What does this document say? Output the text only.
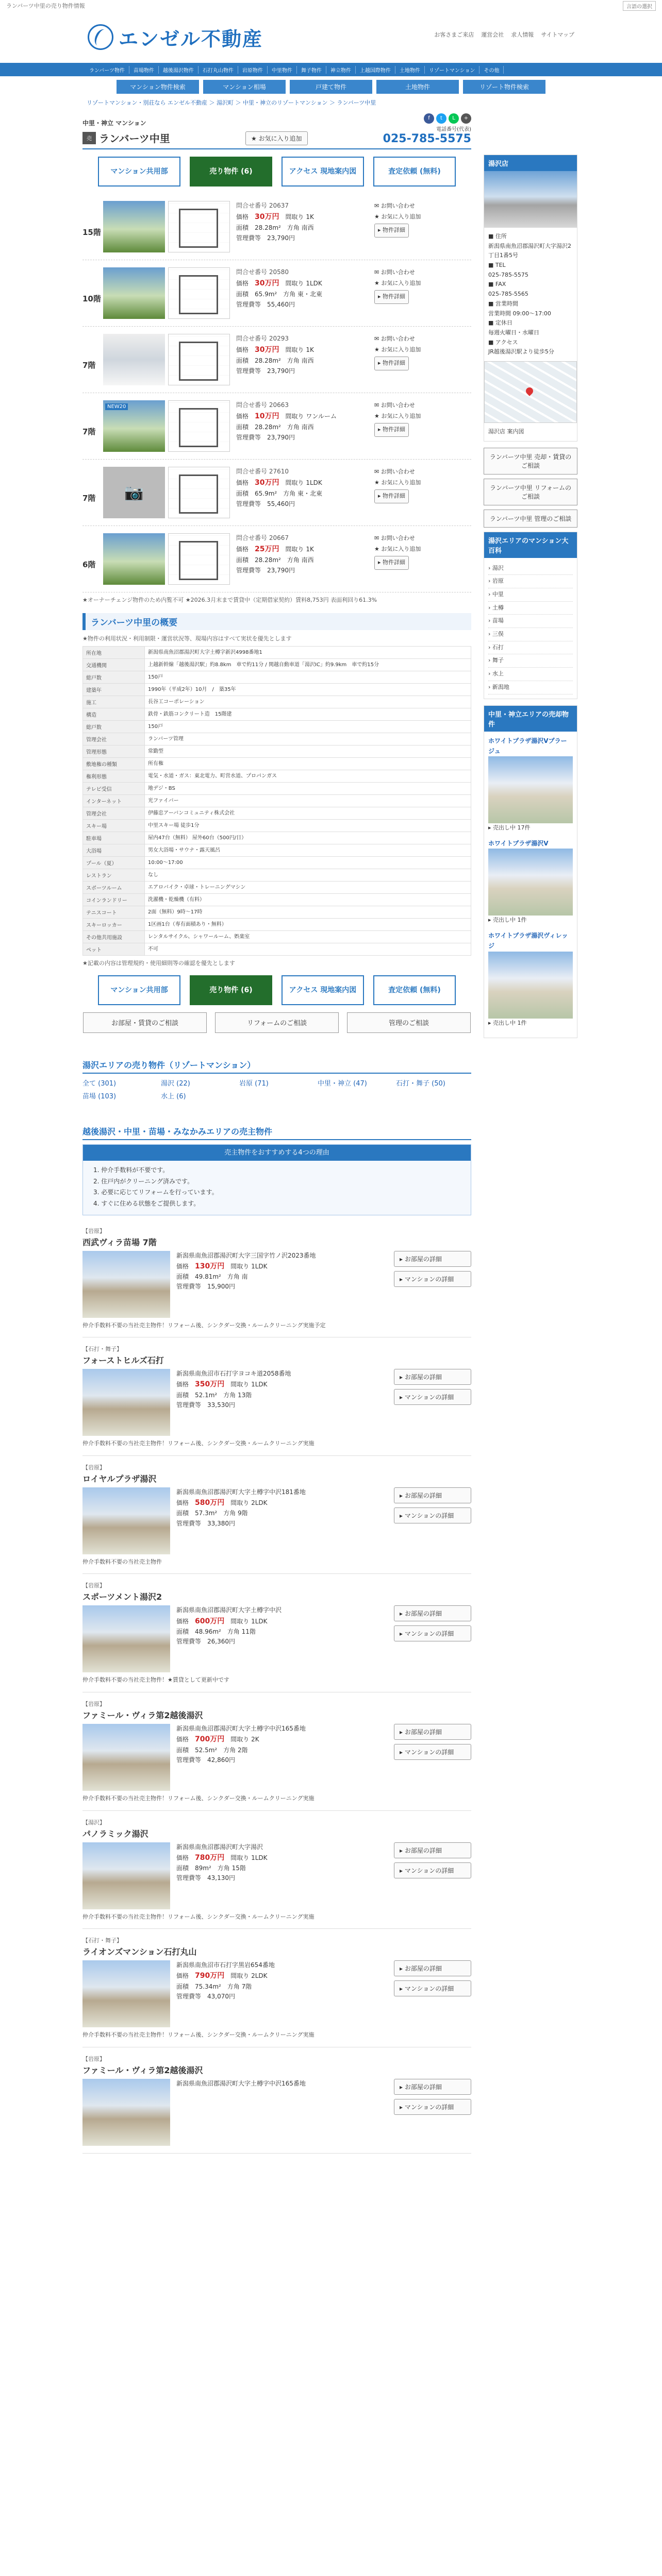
ランバーツ中里の売り物件情報	言語の選択
エンゼル不動産	お客さまご来店 運営会社 求人情報 サイトマップ
ランバーツ物件	苗場物件	越後湯沢物件	石打丸山物件	岩原物件	中里物件	舞子物件	神立物件	上越国際物件	土地物件	リゾートマンション	その他
マンション物件検索	マンション相場	戸建て物件	土地物件	リゾート物件検索
リゾートマンション・別荘なら エンゼル不動産 ＞ 湯沢町 ＞ 中里・神立のリゾートマンション ＞ ランバーツ中里
中里・神立 マンション
売 ランバーツ中里	★ お気に入り追加
f	t	L	+
電話番号(代表)
025-785-5575
マンション共用部	売り物件 (6)	アクセス 現地案内図	査定依頼 (無料)
15階
問合せ番号 20637
価格　30万円　間取り 1K
面積　28.28m²　方角 南西
管理費等　23,790円
✉ お問い合わせ
★ お気に入り追加
▸ 物件詳細
10階
問合せ番号 20580
価格　30万円　間取り 1LDK
面積　65.9m²　方角 東・北東
管理費等　55,460円
✉ お問い合わせ
★ お気に入り追加
▸ 物件詳細
7階
問合せ番号 20293
価格　30万円　間取り 1K
面積　28.28m²　方角 南西
管理費等　23,790円
✉ お問い合わせ
★ お気に入り追加
▸ 物件詳細
7階
$_{NEW20}$	問合せ番号 20663
価格　10万円　間取り ワンルーム
面積　28.28m²　方角 南西
管理費等　23,790円
✉ お問い合わせ
★ お気に入り追加
▸ 物件詳細
7階	📷
問合せ番号 27610
価格　30万円　間取り 1LDK
面積　65.9m²　方角 東・北東
管理費等　55,460円
✉ お問い合わせ
★ お気に入り追加
▸ 物件詳細
6階
問合せ番号 20667
価格　25万円　間取り 1K
面積　28.28m²　方角 南西
管理費等　23,790円
✉ お問い合わせ
★ お気に入り追加
▸ 物件詳細
★オーナーチェンジ物件のため内覧不可 ★2026.3月末まで賃貸中（定期借家契約）賃料8,753円 表面利回り61.3%
ランバーツ中里の概要
★物件の利用状況・利用制限・運営状況等、現場内容はすべて実状を優先とします
所在地	新潟県南魚沼郡湯沢町大字土樽字新沢4998番地1
交通機関	上越新幹線「越後湯沢駅」約8.8km　車で約11分 / 関越自動車道「湯沢IC」約9.9km　車で約15分
総戸数	150戸
建築年	1990年（平成2年）10月　/　築35年
施工	長谷工コーポレーション
構造	鉄骨・鉄筋コンクリート造　15階建
総戸数	150戸
管理会社	ランバーツ管理
管理形態	常勤型
敷地権の種類	所有権
権利形態	電気・水道・ガス：東北電力、町営水道、プロパンガス
テレビ受信	地デジ・BS
インターネット	光ファイバー
管理会社	伊藤忠アーバンコミュニティ株式会社
スキー場	中里スキー場 徒歩1分
駐車場	屋内47台（無料） 屋外60台（500円/日）
大浴場	男女大浴場・サウナ・露天風呂
プール（夏）	10:00〜17:00
レストラン	なし
スポーツルーム	エアロバイク・卓球・トレーニングマシン
コインランドリー	洗濯機・乾燥機（有料）
テニスコート	2面（無料）9時〜17時
スキーロッカー	1区画1台（専有面積あり・無料）
その他共用施設	レンタルサイクル、シャワールーム、娯楽室
ペット	不可
★記載の内容は管理規約・使用細則等の確認を優先とします
マンション共用部	売り物件 (6)	アクセス 現地案内図	査定依頼 (無料)
お部屋・賃貸のご相談	リフォームのご相談	管理のご相談
湯沢エリアの売り物件（リゾートマンション）
全て (301)	湯沢 (22)	岩原 (71)	中里・神立 (47)	石打・舞子 (50)
苗場 (103)	水上 (6)
越後湯沢・中里・苗場・みなかみエリアの売主物件
売主物件をおすすめする4つの理由
1. 仲介手数料が不要です。
2. 住戸内がクリーニング済みです。
3. 必要に応じてリフォームを行っています。
4. すぐに住める状態をご提供します。
【岩原】
西武ヴィラ苗場 7階
新潟県南魚沼郡湯沢町大字三国字竹ノ沢2023番地
価格　130万円　間取り 1LDK
面積　49.81m²　方角 南
管理費等　15,900円
▸ お部屋の詳細
▸ マンションの詳細
仲介手数料不要の当社売主物件！リフォーム後、シンクダー交換・ルームクリーニング実施予定
【石打・舞子】
フォーストヒルズ石打
新潟県南魚沼市石打字ヨコキ道2058番地
価格　350万円　間取り 1LDK
面積　52.1m²　方角 13階
管理費等　33,530円
▸ お部屋の詳細
▸ マンションの詳細
仲介手数料不要の当社売主物件！リフォーム後、シンクダー交換・ルームクリーニング実施
【岩原】
ロイヤルプラザ湯沢
新潟県南魚沼郡湯沢町大字土樽字中沢181番地
価格　580万円　間取り 2LDK
面積　57.3m²　方角 9階
管理費等　33,380円
▸ お部屋の詳細
▸ マンションの詳細
仲介手数料不要の当社売主物件
【岩原】
スポーツメント湯沢2
新潟県南魚沼郡湯沢町大字土樽字中沢
価格　600万円　間取り 1LDK
面積　48.96m²　方角 11階
管理費等　26,360円
▸ お部屋の詳細
▸ マンションの詳細
仲介手数料不要の当社売主物件！★賃貸として更新中です
【岩原】
ファミール・ヴィラ第2越後湯沢
新潟県南魚沼郡湯沢町大字土樽字中沢165番地
価格　700万円　間取り 2K
面積　52.5m²　方角 2階
管理費等　42,860円
▸ お部屋の詳細
▸ マンションの詳細
仲介手数料不要の当社売主物件！リフォーム後、シンクダー交換・ルームクリーニング実施
【湯沢】
パノラミック湯沢
新潟県南魚沼郡湯沢町大字湯沢
価格　780万円　間取り 1LDK
面積　89m²　方角 15階
管理費等　43,130円
▸ お部屋の詳細
▸ マンションの詳細
仲介手数料不要の当社売主物件！リフォーム後、シンクダー交換・ルームクリーニング実施
【石打・舞子】
ライオンズマンション石打丸山
新潟県南魚沼市石打字黒岩654番地
価格　790万円　間取り 2LDK
面積　75.34m²　方角 7階
管理費等　43,070円
▸ お部屋の詳細
▸ マンションの詳細
仲介手数料不要の当社売主物件！リフォーム後、シンクダー交換・ルームクリーニング実施
【岩原】
ファミール・ヴィラ第2越後湯沢
新潟県南魚沼郡湯沢町大字土樽字中沢165番地	▸ お部屋の詳細
▸ マンションの詳細
湯沢店
■ 住所
新潟県南魚沼郡湯沢町大字湯沢2丁目1番5号
■ TEL
025-785-5575
■ FAX
025-785-5565
■ 営業時間
営業時間 09:00〜17:00
■ 定休日
毎週火曜日・水曜日
■ アクセス
JR越後湯沢駅より徒歩5分
湯沢店 案内図
ランバーツ中里 売却・賃貸のご相談
ランバーツ中里 リフォームのご相談
ランバーツ中里 管理のご相談
湯沢エリアのマンション大百科
› 湯沢
› 岩原
› 中里
› 土樽
› 苗場
› 三俣
› 石打
› 舞子
› 水上
› 新潟地
中里・神立エリアの売却物件
ホワイトプラザ湯沢Vプラージュ
▸ 売出し中 17件
ホワイトプラザ湯沢Ⅴ
▸ 売出し中 1件
ホワイトプラザ湯沢ヴィレッジ
▸ 売出し中 1件
